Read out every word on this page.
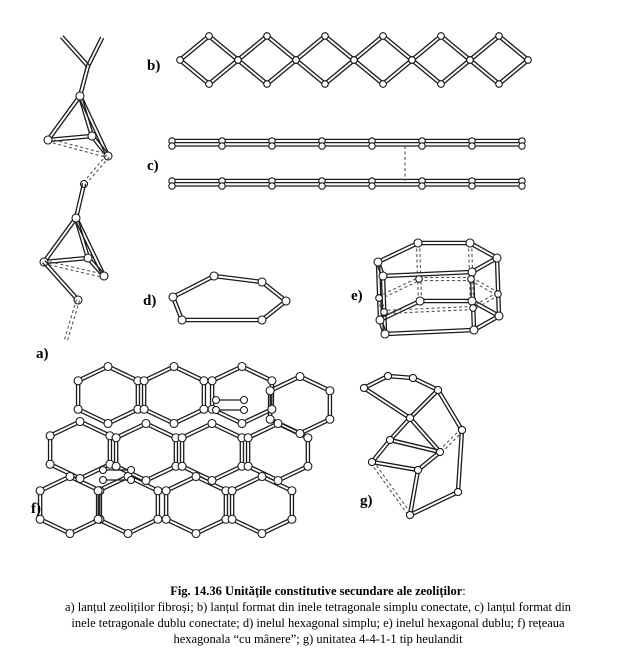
b)
c)
d)	e)
a)
f)	g)
Fig. 14.36 Unitățile constitutive secundare ale zeoliților:
a) lanțul zeoliților fibroși; b) lanțul format din inele tetragonale simplu conectate, c) lanțul format din
inele tetragonale dublu conectate; d) inelul hexagonal simplu; e) inelul hexagonal dublu; f) rețeaua
hexagonala “cu mânere”; g) unitatea 4-4-1-1 tip heulandit
